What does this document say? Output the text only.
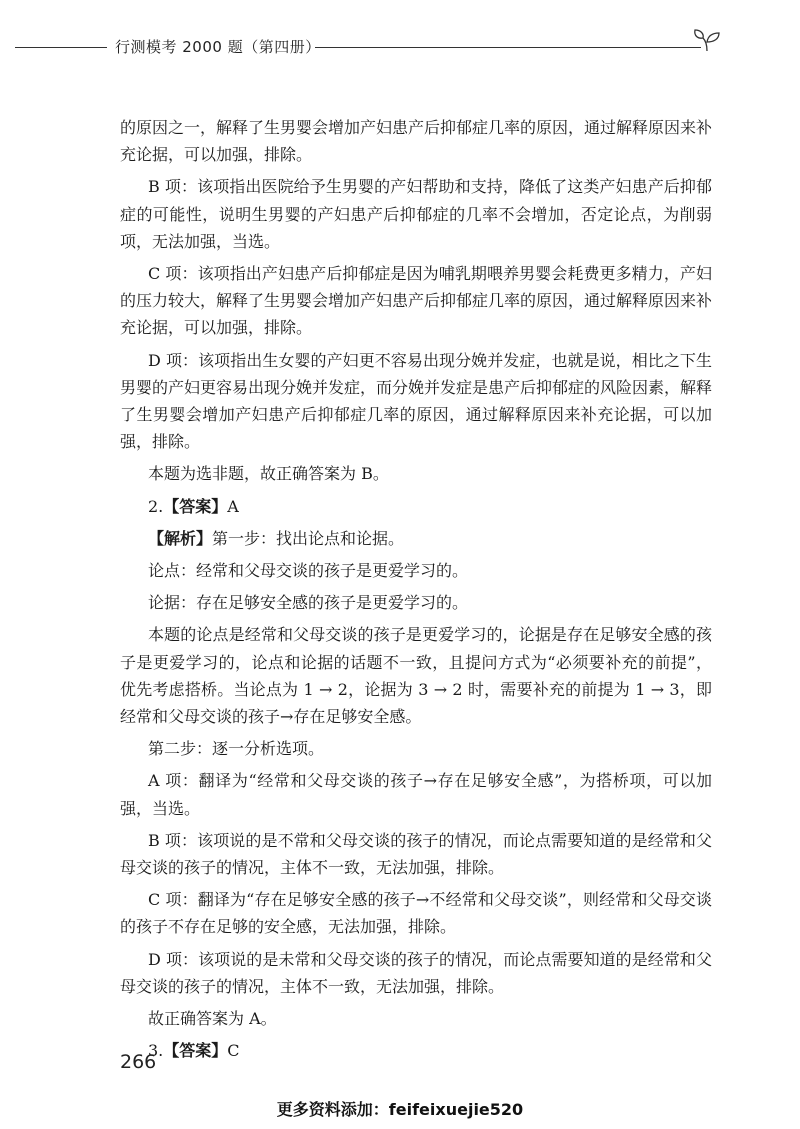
行测模考 2000 题（第四册）

的原因之一，解释了生男婴会增加产妇患产后抑郁症几率的原因，通过解释原因来补充论据，可以加强，排除。

B 项：该项指出医院给予生男婴的产妇帮助和支持，降低了这类产妇患产后抑郁症的可能性，说明生男婴的产妇患产后抑郁症的几率不会增加，否定论点，为削弱项，无法加强，当选。

C 项：该项指出产妇患产后抑郁症是因为哺乳期喂养男婴会耗费更多精力，产妇的压力较大，解释了生男婴会增加产妇患产后抑郁症几率的原因，通过解释原因来补充论据，可以加强，排除。

D 项：该项指出生女婴的产妇更不容易出现分娩并发症，也就是说，相比之下生男婴的产妇更容易出现分娩并发症，而分娩并发症是患产后抑郁症的风险因素，解释了生男婴会增加产妇患产后抑郁症几率的原因，通过解释原因来补充论据，可以加强，排除。

本题为选非题，故正确答案为 B。

2.【答案】A

【解析】第一步：找出论点和论据。

论点：经常和父母交谈的孩子是更爱学习的。

论据：存在足够安全感的孩子是更爱学习的。

本题的论点是经常和父母交谈的孩子是更爱学习的，论据是存在足够安全感的孩子是更爱学习的，论点和论据的话题不一致，且提问方式为“必须要补充的前提”，优先考虑搭桥。当论点为 1 → 2，论据为 3 → 2 时，需要补充的前提为 1 → 3，即经常和父母交谈的孩子→存在足够安全感。

第二步：逐一分析选项。

A 项：翻译为“经常和父母交谈的孩子→存在足够安全感”，为搭桥项，可以加强，当选。

B 项：该项说的是不常和父母交谈的孩子的情况，而论点需要知道的是经常和父母交谈的孩子的情况，主体不一致，无法加强，排除。

C 项：翻译为“存在足够安全感的孩子→不经常和父母交谈”，则经常和父母交谈的孩子不存在足够的安全感，无法加强，排除。

D 项：该项说的是未常和父母交谈的孩子的情况，而论点需要知道的是经常和父母交谈的孩子的情况，主体不一致，无法加强，排除。

故正确答案为 A。

3.【答案】C

266
更多资料添加：feifeixuejie520
